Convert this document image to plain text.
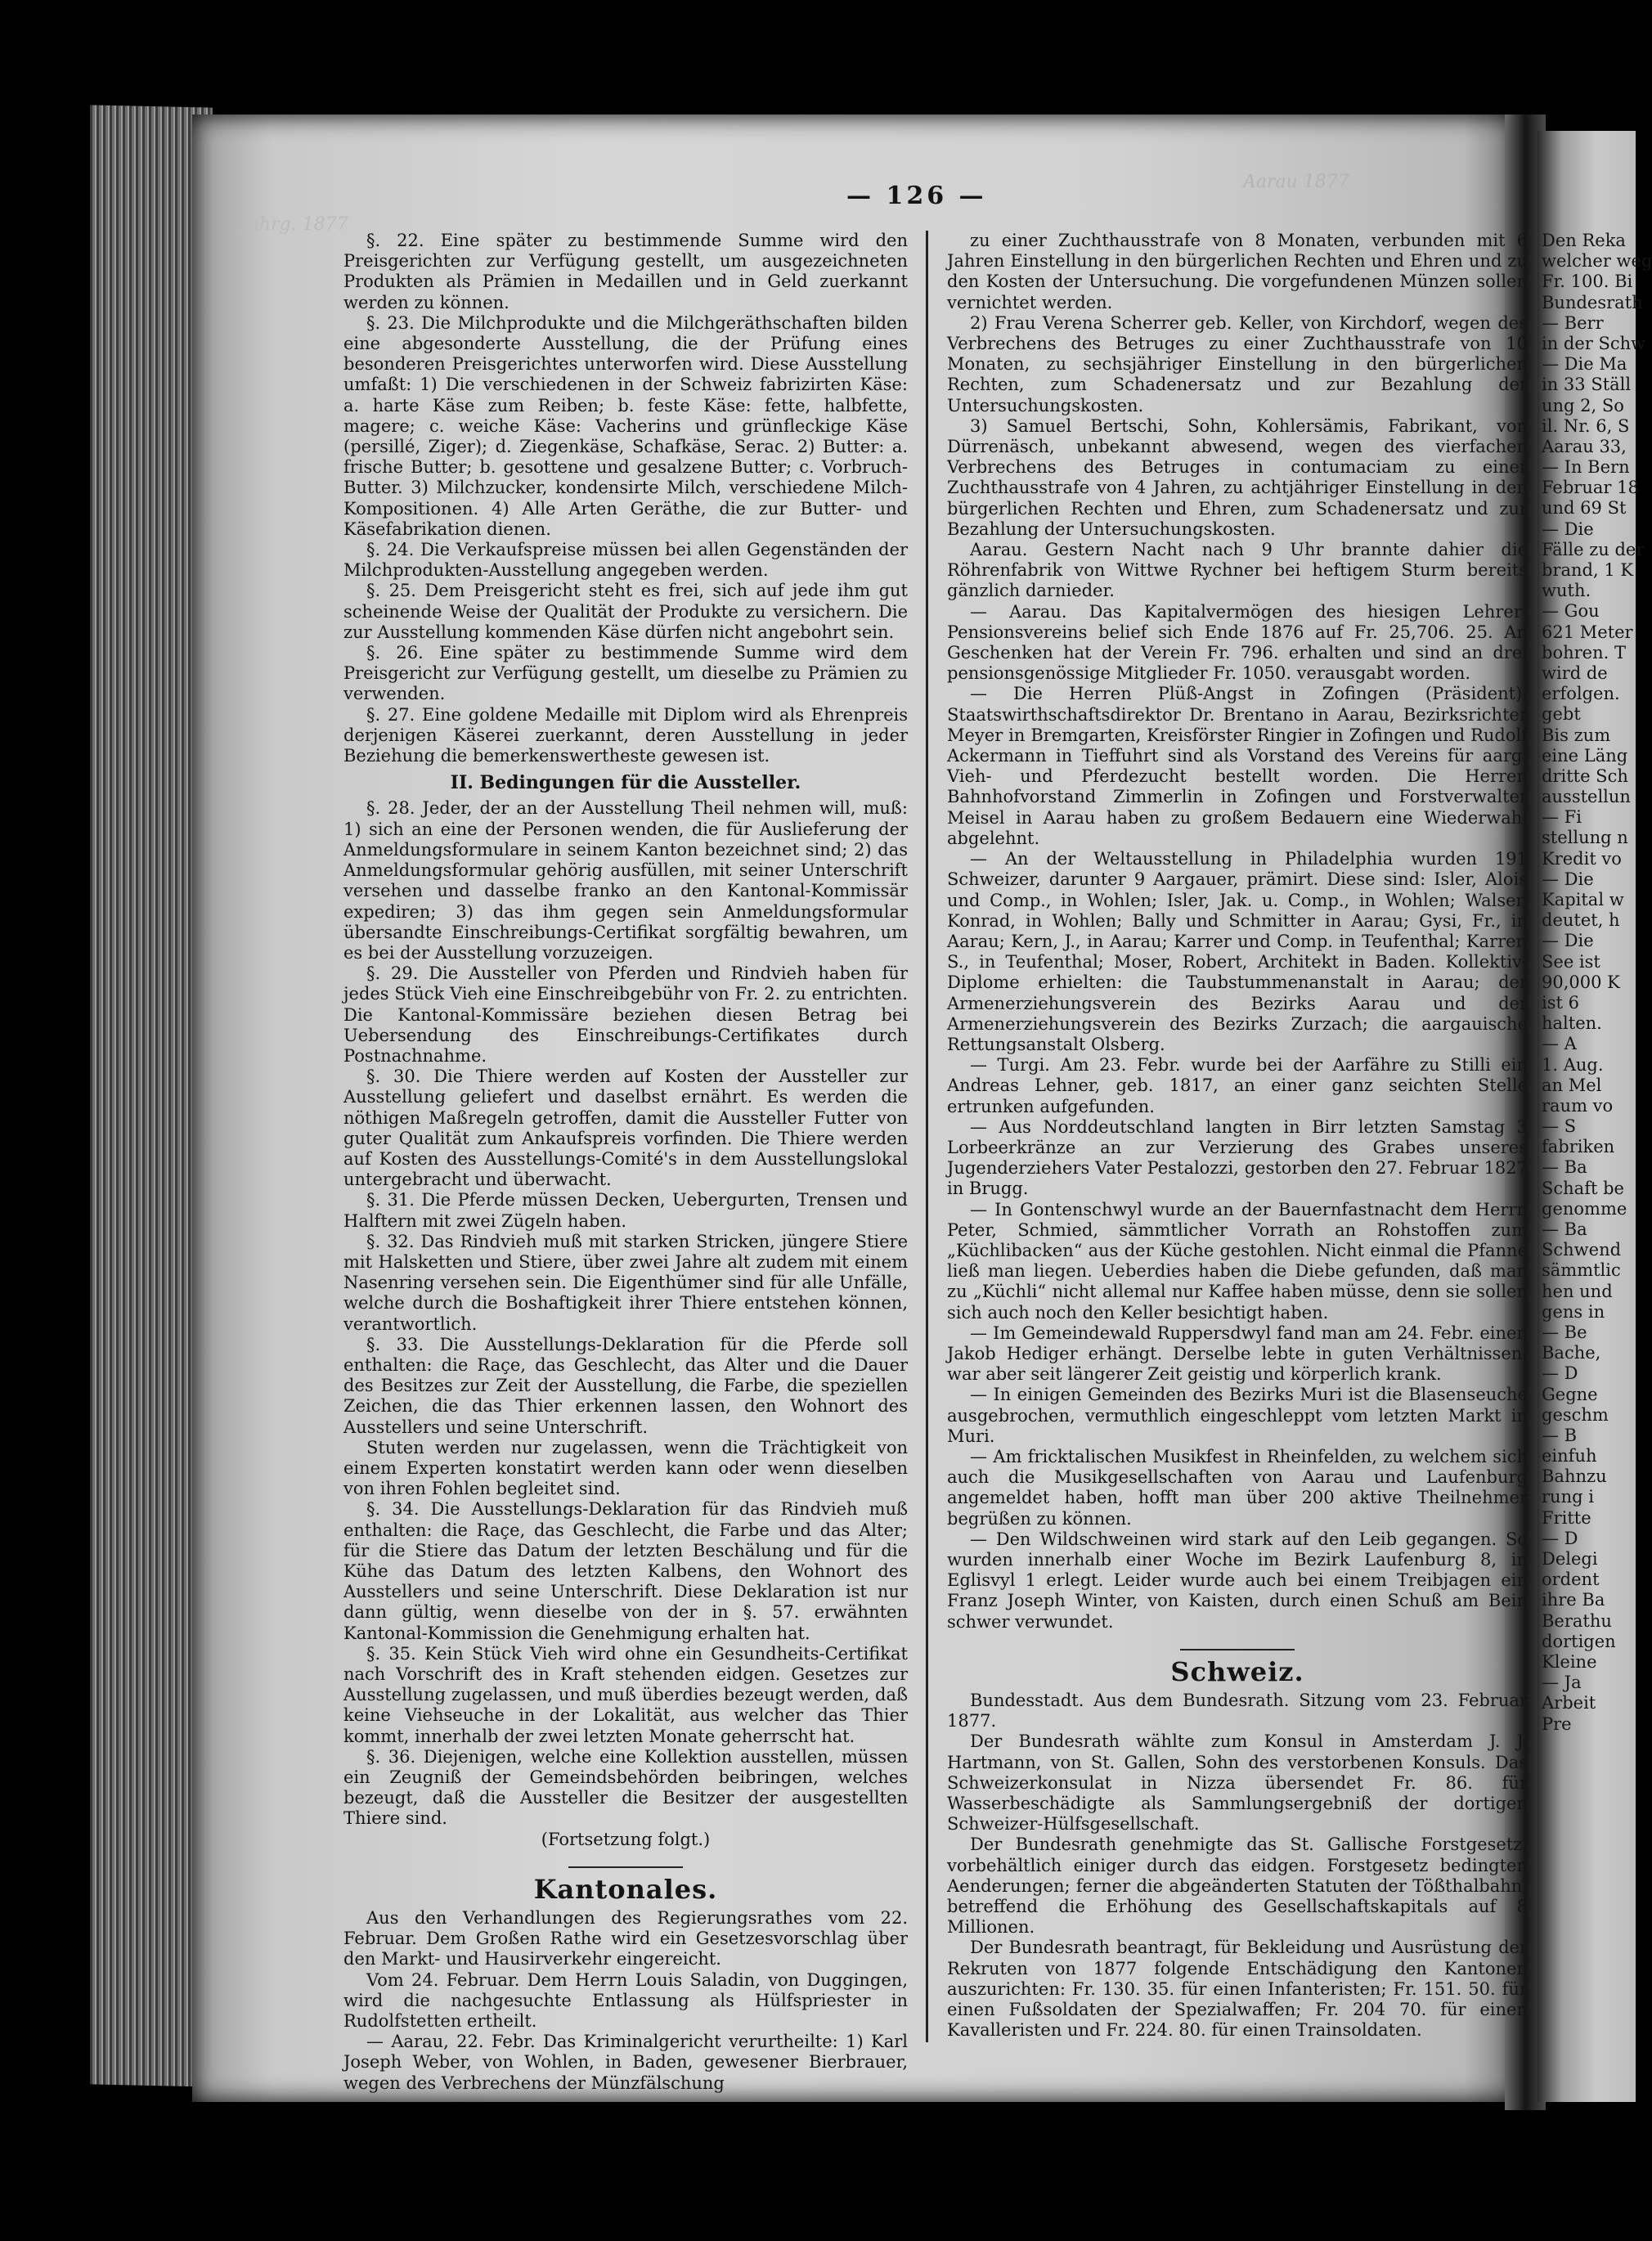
Aarau 1877
Jahrg. 1877
— 126 —

§. 22. Eine später zu bestimmende Summe wird den Preisgerichten zur Verfügung gestellt, um ausgezeichneten Produkten als Prämien in Medaillen und in Geld zuerkannt werden zu können.

§. 23. Die Milchprodukte und die Milchgeräthschaften bilden eine abgesonderte Ausstellung, die der Prüfung eines besonderen Preisgerichtes unterworfen wird. Diese Ausstellung umfaßt: 1) Die verschiedenen in der Schweiz fabrizirten Käse: a. harte Käse zum Reiben; b. feste Käse: fette, halbfette, magere; c. weiche Käse: Vacherins und grünfleckige Käse (persillé, Ziger); d. Ziegenkäse, Schafkäse, Serac. 2) Butter: a. frische Butter; b. gesottene und gesalzene Butter; c. Vorbruch-Butter. 3) Milchzucker, kondensirte Milch, verschiedene Milch-Kompositionen. 4) Alle Arten Geräthe, die zur Butter- und Käsefabrikation dienen.

§. 24. Die Verkaufspreise müssen bei allen Gegenständen der Milchprodukten-Ausstellung angegeben werden.

§. 25. Dem Preisgericht steht es frei, sich auf jede ihm gut scheinende Weise der Qualität der Produkte zu versichern. Die zur Ausstellung kommenden Käse dürfen nicht angebohrt sein.

§. 26. Eine später zu bestimmende Summe wird dem Preisgericht zur Verfügung gestellt, um dieselbe zu Prämien zu verwenden.

§. 27. Eine goldene Medaille mit Diplom wird als Ehrenpreis derjenigen Käserei zuerkannt, deren Ausstellung in jeder Beziehung die bemerkenswertheste gewesen ist.

II. Bedingungen für die Aussteller.

§. 28. Jeder, der an der Ausstellung Theil nehmen will, muß: 1) sich an eine der Personen wenden, die für Auslieferung der Anmeldungsformulare in seinem Kanton bezeichnet sind; 2) das Anmeldungsformular gehörig ausfüllen, mit seiner Unterschrift versehen und dasselbe franko an den Kantonal-Kommissär expediren; 3) das ihm gegen sein Anmeldungsformular übersandte Einschreibungs-Certifikat sorgfältig bewahren, um es bei der Ausstellung vorzuzeigen.

§. 29. Die Aussteller von Pferden und Rindvieh haben für jedes Stück Vieh eine Einschreibgebühr von Fr. 2. zu entrichten. Die Kantonal-Kommissäre beziehen diesen Betrag bei Uebersendung des Einschreibungs-Certifikates durch Postnachnahme.

§. 30. Die Thiere werden auf Kosten der Aussteller zur Ausstellung geliefert und daselbst ernährt. Es werden die nöthigen Maßregeln getroffen, damit die Aussteller Futter von guter Qualität zum Ankaufspreis vorfinden. Die Thiere werden auf Kosten des Ausstellungs-Comité's in dem Ausstellungslokal untergebracht und überwacht.

§. 31. Die Pferde müssen Decken, Uebergurten, Trensen und Halftern mit zwei Zügeln haben.

§. 32. Das Rindvieh muß mit starken Stricken, jüngere Stiere mit Halsketten und Stiere, über zwei Jahre alt zudem mit einem Nasenring versehen sein. Die Eigenthümer sind für alle Unfälle, welche durch die Boshaftigkeit ihrer Thiere entstehen können, verantwortlich.

§. 33. Die Ausstellungs-Deklaration für die Pferde soll enthalten: die Raçe, das Geschlecht, das Alter und die Dauer des Besitzes zur Zeit der Ausstellung, die Farbe, die speziellen Zeichen, die das Thier erkennen lassen, den Wohnort des Ausstellers und seine Unterschrift.

Stuten werden nur zugelassen, wenn die Trächtigkeit von einem Experten konstatirt werden kann oder wenn dieselben von ihren Fohlen begleitet sind.

§. 34. Die Ausstellungs-Deklaration für das Rindvieh muß enthalten: die Raçe, das Geschlecht, die Farbe und das Alter; für die Stiere das Datum der letzten Beschälung und für die Kühe das Datum des letzten Kalbens, den Wohnort des Ausstellers und seine Unterschrift. Diese Deklaration ist nur dann gültig, wenn dieselbe von der in §. 57. erwähnten Kantonal-Kommission die Genehmigung erhalten hat.

§. 35. Kein Stück Vieh wird ohne ein Gesundheits-Certifikat nach Vorschrift des in Kraft stehenden eidgen. Gesetzes zur Ausstellung zugelassen, und muß überdies bezeugt werden, daß keine Viehseuche in der Lokalität, aus welcher das Thier kommt, innerhalb der zwei letzten Monate geherrscht hat.

§. 36. Diejenigen, welche eine Kollektion ausstellen, müssen ein Zeugniß der Gemeindsbehörden beibringen, welches bezeugt, daß die Aussteller die Besitzer der ausgestellten Thiere sind.

(Fortsetzung folgt.)

Kantonales.

Aus den Verhandlungen des Regierungsrathes vom 22. Februar. Dem Großen Rathe wird ein Gesetzesvorschlag über den Markt- und Hausirverkehr eingereicht.

Vom 24. Februar. Dem Herrn Louis Saladin, von Duggingen, wird die nachgesuchte Entlassung als Hülfspriester in Rudolfstetten ertheilt.

— Aarau, 22. Febr. Das Kriminalgericht verurtheilte: 1) Karl Joseph Weber, von Wohlen, in Baden, gewesener Bierbrauer, wegen des Verbrechens der Münzfälschung

zu einer Zuchthausstrafe von 8 Monaten, verbunden mit 6 Jahren Einstellung in den bürgerlichen Rechten und Ehren und zu den Kosten der Untersuchung. Die vorgefundenen Münzen sollen vernichtet werden.

2) Frau Verena Scherrer geb. Keller, von Kirchdorf, wegen des Verbrechens des Betruges zu einer Zuchthausstrafe von 10 Monaten, zu sechsjähriger Einstellung in den bürgerlichen Rechten, zum Schadenersatz und zur Bezahlung der Untersuchungskosten.

3) Samuel Bertschi, Sohn, Kohlersämis, Fabrikant, von Dürrenäsch, unbekannt abwesend, wegen des vierfachen Verbrechens des Betruges in contumaciam zu einer Zuchthausstrafe von 4 Jahren, zu achtjähriger Einstellung in den bürgerlichen Rechten und Ehren, zum Schadenersatz und zur Bezahlung der Untersuchungskosten.

Aarau. Gestern Nacht nach 9 Uhr brannte dahier die Röhrenfabrik von Wittwe Rychner bei heftigem Sturm bereits gänzlich darnieder.

— Aarau. Das Kapitalvermögen des hiesigen Lehrer-Pensionsvereins belief sich Ende 1876 auf Fr. 25,706. 25. An Geschenken hat der Verein Fr. 796. erhalten und sind an drei pensionsgenössige Mitglieder Fr. 1050. verausgabt worden.

— Die Herren Plüß-Angst in Zofingen (Präsident), Staatswirthschaftsdirektor Dr. Brentano in Aarau, Bezirksrichter Meyer in Bremgarten, Kreisförster Ringier in Zofingen und Rudolf Ackermann in Tieffuhrt sind als Vorstand des Vereins für aarg. Vieh- und Pferdezucht bestellt worden. Die Herren Bahnhofvorstand Zimmerlin in Zofingen und Forstverwalter Meisel in Aarau haben zu großem Bedauern eine Wiederwahl abgelehnt.

— An der Weltausstellung in Philadelphia wurden 191 Schweizer, darunter 9 Aargauer, prämirt. Diese sind: Isler, Alois und Comp., in Wohlen; Isler, Jak. u. Comp., in Wohlen; Walser, Konrad, in Wohlen; Bally und Schmitter in Aarau; Gysi, Fr., in Aarau; Kern, J., in Aarau; Karrer und Comp. in Teufenthal; Karrer, S., in Teufenthal; Moser, Robert, Architekt in Baden. Kollektiv-Diplome erhielten: die Taubstummenanstalt in Aarau; der Armenerziehungsverein des Bezirks Aarau und der Armenerziehungsverein des Bezirks Zurzach; die aargauische Rettungsanstalt Olsberg.

— Turgi. Am 23. Febr. wurde bei der Aarfähre zu Stilli ein Andreas Lehner, geb. 1817, an einer ganz seichten Stelle ertrunken aufgefunden.

— Aus Norddeutschland langten in Birr letzten Samstag 3 Lorbeerkränze an zur Verzierung des Grabes unseres Jugenderziehers Vater Pestalozzi, gestorben den 27. Februar 1827 in Brugg.

— In Gontenschwyl wurde an der Bauernfastnacht dem Herrn Peter, Schmied, sämmtlicher Vorrath an Rohstoffen zum „Küchlibacken“ aus der Küche gestohlen. Nicht einmal die Pfanne ließ man liegen. Ueberdies haben die Diebe gefunden, daß man zu „Küchli“ nicht allemal nur Kaffee haben müsse, denn sie sollen sich auch noch den Keller besichtigt haben.

— Im Gemeindewald Ruppersdwyl fand man am 24. Febr. einen Jakob Hediger erhängt. Derselbe lebte in guten Verhältnissen, war aber seit längerer Zeit geistig und körperlich krank.

— In einigen Gemeinden des Bezirks Muri ist die Blasenseuche ausgebrochen, vermuthlich eingeschleppt vom letzten Markt in Muri.

— Am fricktalischen Musikfest in Rheinfelden, zu welchem sich auch die Musikgesellschaften von Aarau und Laufenburg angemeldet haben, hofft man über 200 aktive Theilnehmer begrüßen zu können.

— Den Wildschweinen wird stark auf den Leib gegangen. So wurden innerhalb einer Woche im Bezirk Laufenburg 8, in Eglisvyl 1 erlegt. Leider wurde auch bei einem Treibjagen ein Franz Joseph Winter, von Kaisten, durch einen Schuß am Bein schwer verwundet.

Schweiz.

Bundesstadt. Aus dem Bundesrath. Sitzung vom 23. Februar 1877.

Der Bundesrath wählte zum Konsul in Amsterdam J. J. Hartmann, von St. Gallen, Sohn des verstorbenen Konsuls. Das Schweizerkonsulat in Nizza übersendet Fr. 86. für Wasserbeschädigte als Sammlungsergebniß der dortigen Schweizer-Hülfsgesellschaft.

Der Bundesrath genehmigte das St. Gallische Forstgesetz, vorbehältlich einiger durch das eidgen. Forstgesetz bedingten Aenderungen; ferner die abgeänderten Statuten der Tößthalbahn, betreffend die Erhöhung des Gesellschaftskapitals auf 8 Millionen.

Der Bundesrath beantragt, für Bekleidung und Ausrüstung der Rekruten von 1877 folgende Entschädigung den Kantonen auszurichten: Fr. 130. 35. für einen Infanteristen; Fr. 151. 50. für einen Fußsoldaten der Spezialwaffen; Fr. 204 70. für einen Kavalleristen und Fr. 224. 80. für einen Trainsoldaten.

Den Reka
welcher weg
Fr. 100. Bi
Bundesrath
— Berr
in der Schw
— Die Ma
in 33 Ställ
ung 2, So
il. Nr. 6, S
Aarau 33,
— In Bern
Februar 18
und 69 St
— Die
Fälle zu der
brand, 1 K
wuth.
— Gou
621 Meter
bohren. T
wird de
erfolgen.
gebt
Bis zum
eine Läng
dritte Sch
ausstellun
— Fi
stellung n
Kredit vo
— Die
Kapital w
deutet, h
— Die
See ist
90,000 K
ist 6
halten.
— A
1. Aug.
an Mel
raum vo
— S
fabriken
— Ba
Schaft be
genomme
— Ba
Schwend
sämmtlic
hen und
gens in
— Be
Bache,
— D
Gegne
geschm
— B
einfuh
Bahnzu
rung i
Fritte
— D
Delegi
ordent
ihre Ba
Berathu
dortigen
Kleine
— Ja
Arbeit
Pre
